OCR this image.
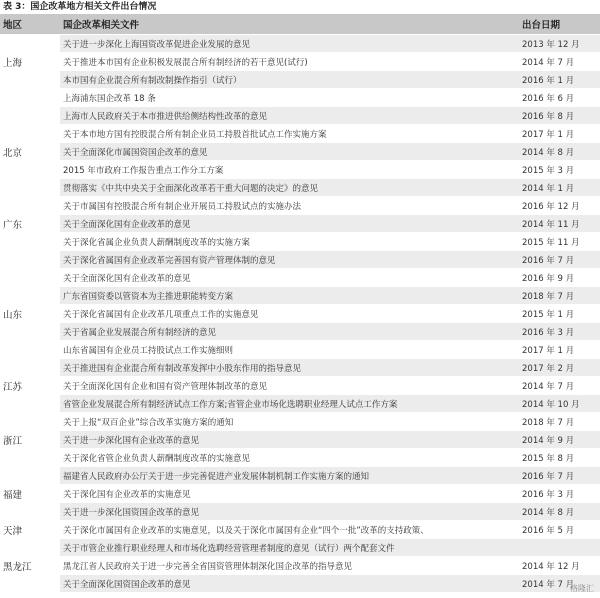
表 3：国企改革地方相关文件出台情况
地区	国企改革相关文件	出台日期
	关于进一步深化上海国资改革促进企业发展的意见	2013 年 12 月
上海	关于推进本市国有企业积极发展混合所有制经济的若干意见(试行)	2014 年 7 月
	本市国有企业混合所有制改制操作指引（试行）	2016 年 1 月
	上海浦东国企改革 18 条	2016 年 6 月
	上海市人民政府关于本市推进供给侧结构性改革的意见	2016 年 8 月
	关于本市地方国有控股混合所有制企业员工持股首批试点工作实施方案	2017 年 1 月
北京	关于全面深化市属国资国企改革的意见	2014 年 8 月
	2015 年市政府工作报告重点工作分工方案	2015 年 3 月
	贯彻落实《中共中央关于全面深化改革若干重大问题的决定》的意见	2014 年 1 月
	关于市属国有控股混合所有制企业开展员工持股试点的实施办法	2016 年 12 月
广东	关于全面深化国有企业改革的意见	2014 年 11 月
	关于深化省属企业负责人薪酬制度改革的实施方案	2015 年 11 月
	关于深化省属国有企业改革完善国有资产管理体制的意见	2016 年 7 月
	关于全面深化国有企业改革的意见	2016 年 9 月
	广东省国资委以管资本为主推进职能转变方案	2018 年 7 月
山东	关于深化省属国有企业改革几项重点工作的实施意见	2015 年 1 月
	关于省属企业发展混合所有制经济的意见	2016 年 3 月
	山东省属国有企业员工持股试点工作实施细则	2017 年 1 月
	关于推进国有企业混合所有制改革发挥中小股东作用的指导意见	2017 年 2 月
江苏	关于全面深化国有企业和国有资产管理体制改革的意见	2014 年 7 月
	省管企业发展混合所有制经济试点工作方案;省管企业市场化选聘职业经理人试点工作方案	2014 年 10 月
	关于上报“双百企业”综合改革实施方案的通知	2018 年 7 月
浙江	关于进一步深化国有企业改革的意见	2014 年 9 月
	关于深化省管企业负责人薪酬制度改革的实施意见	2015 年 8 月
	福建省人民政府办公厅关于进一步完善促进产业发展体制机制工作实施方案的通知	2016 年 7 月
福建	关于深化国有企业改革的实施意见	2016 年 3 月
	关于进一步深化国资国企改革的意见	2014 年 8 月
天津	关于深化市属国有企业改革的实施意见，以及关于深化市属国有企业“四个一批”改革的支持政策、	2016 年 5 月
	关于市管企业推行职业经理人和市场化选聘经营管理者制度的意见（试行）两个配套文件	
黑龙江	黑龙江省人民政府关于进一步完善全省国资管理体制深化国企改革的指导意见	2014 年 12 月
	关于全面深化国资国企改革的意见	2014 年 7 月
格隆汇
